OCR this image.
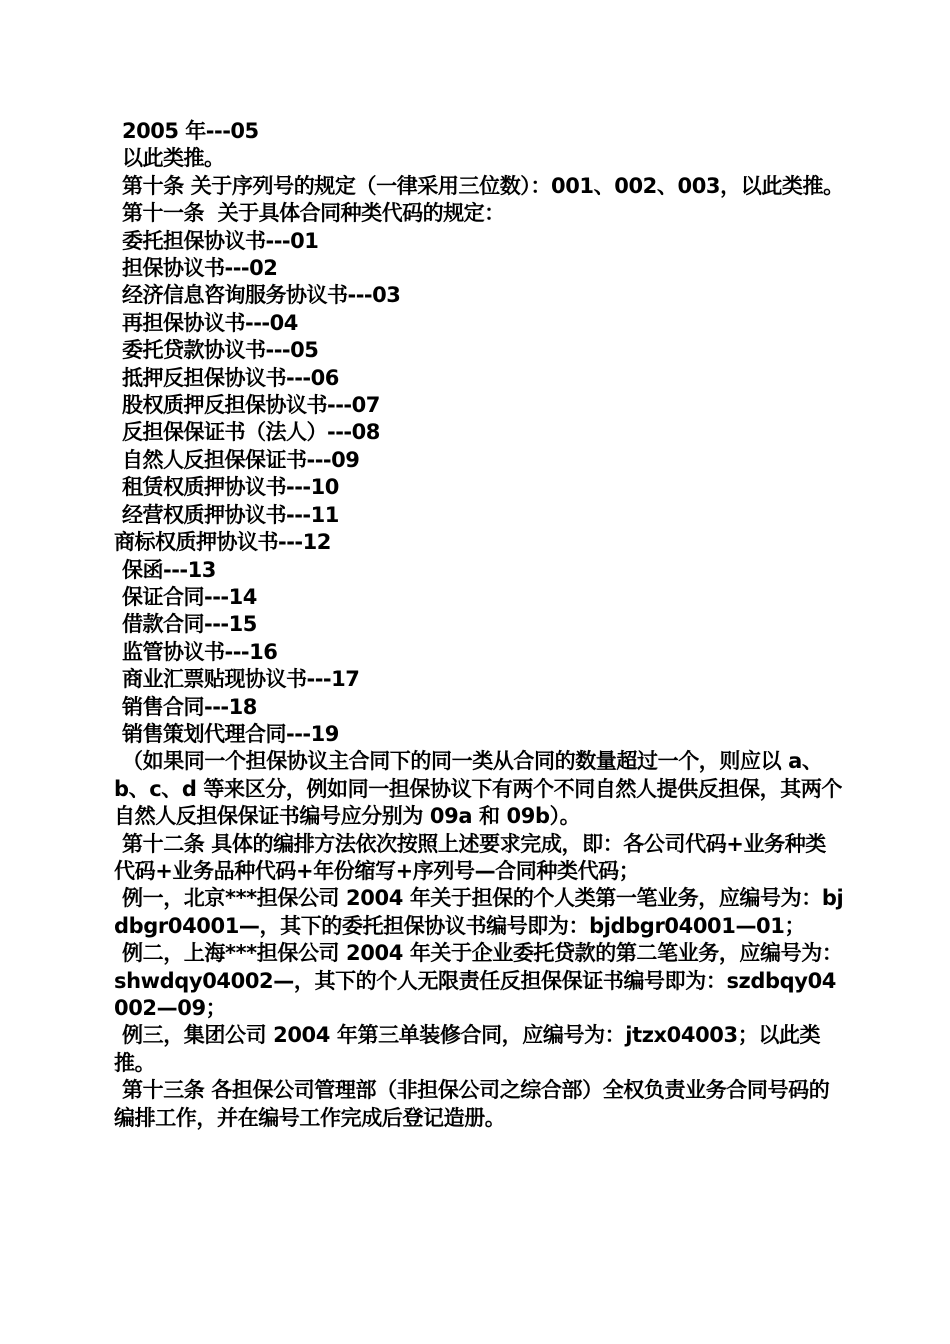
2005 年---05
以此类推。
第十条 关于序列号的规定（一律采用三位数）：001、002、003，以此类推。
第十一条  关于具体合同种类代码的规定：
委托担保协议书---01
担保协议书---02
经济信息咨询服务协议书---03
再担保协议书---04
委托贷款协议书---05
抵押反担保协议书---06
股权质押反担保协议书---07
反担保保证书（法人）---08
自然人反担保保证书---09
租赁权质押协议书---10
经营权质押协议书---11
商标权质押协议书---12
保函---13
保证合同---14
借款合同---15
监管协议书---16
商业汇票贴现协议书---17
销售合同---18
销售策划代理合同---19
（如果同一个担保协议主合同下的同一类从合同的数量超过一个，则应以 a、b、c、d 等来区分，例如同一担保协议下有两个不同自然人提供反担保，其两个自然人反担保保证书编号应分别为 09a 和 09b）。
第十二条 具体的编排方法依次按照上述要求完成，即：各公司代码+业务种类代码+业务品种代码+年份缩写+序列号—合同种类代码；
例一，北京***担保公司 2004 年关于担保的个人类第一笔业务，应编号为：bjdbgr04001—，其下的委托担保协议书编号即为：bjdbgr04001—01；
例二，上海***担保公司 2004 年关于企业委托贷款的第二笔业务，应编号为：shwdqy04002—，其下的个人无限责任反担保保证书编号即为：szdbqy04002—09；
例三，集团公司 2004 年第三单装修合同，应编号为：jtzx04003；以此类推。
第十三条 各担保公司管理部（非担保公司之综合部）全权负责业务合同号码的编排工作，并在编号工作完成后登记造册。
